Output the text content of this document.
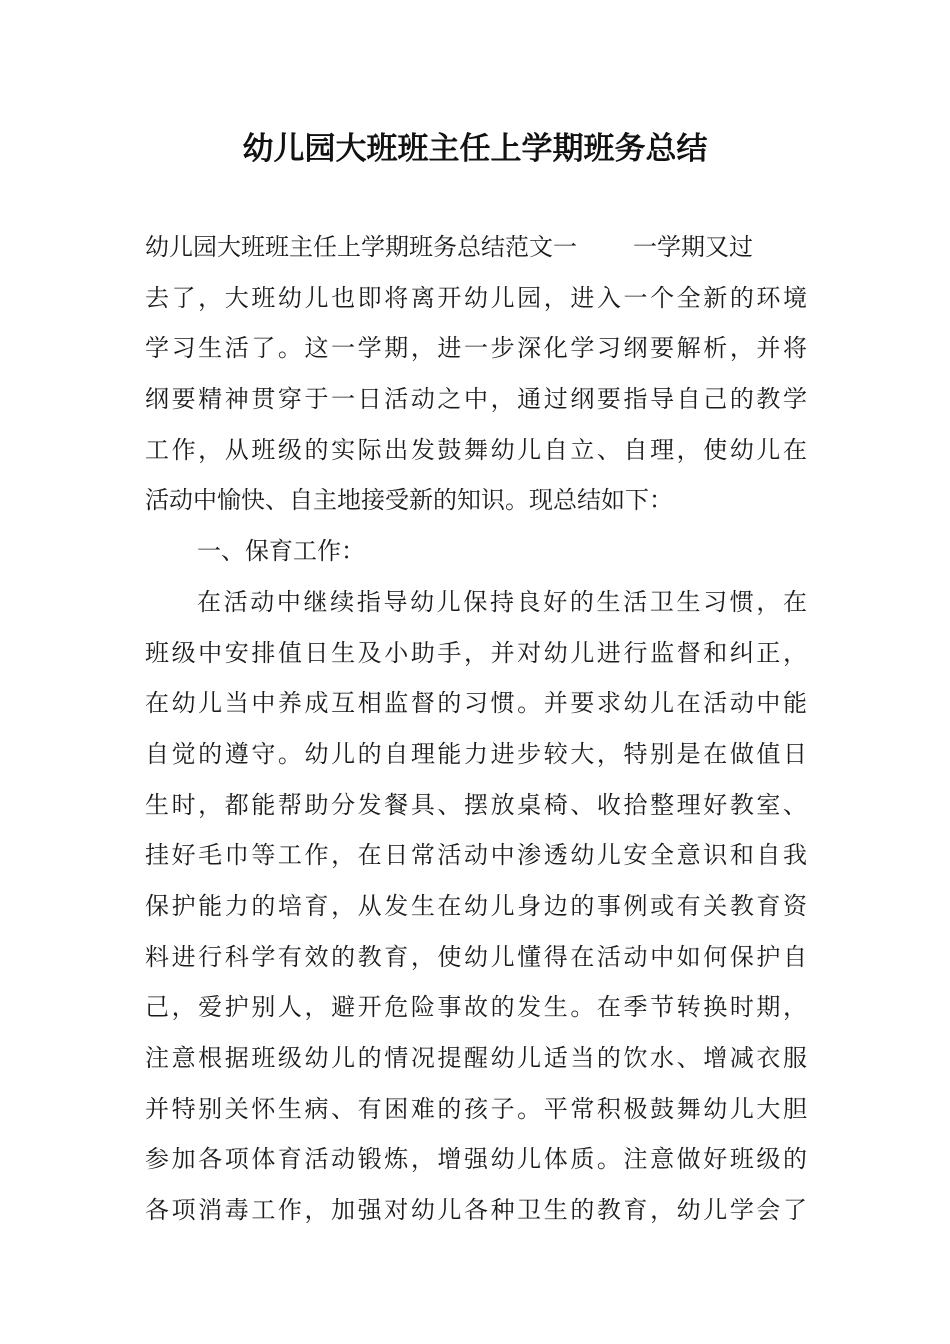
幼儿园大班班主任上学期班务总结
幼儿园大班班主任上学期班务总结范文一 一学期又过
去了，大班幼儿也即将离开幼儿园，进入一个全新的环境
学习生活了。这一学期，进一步深化学习纲要解析，并将
纲要精神贯穿于一日活动之中，通过纲要指导自己的教学
工作，从班级的实际出发鼓舞幼儿自立、自理，使幼儿在
活动中愉快、自主地接受新的知识。现总结如下：
一、保育工作：
在活动中继续指导幼儿保持良好的生活卫生习惯，在
班级中安排值日生及小助手，并对幼儿进行监督和纠正，
在幼儿当中养成互相监督的习惯。并要求幼儿在活动中能
自觉的遵守。幼儿的自理能力进步较大，特别是在做值日
生时，都能帮助分发餐具、摆放桌椅、收拾整理好教室、
挂好毛巾等工作，在日常活动中渗透幼儿安全意识和自我
保护能力的培育，从发生在幼儿身边的事例或有关教育资
料进行科学有效的教育，使幼儿懂得在活动中如何保护自
己，爱护别人，避开危险事故的发生。在季节转换时期，
注意根据班级幼儿的情况提醒幼儿适当的饮水、增减衣服
并特别关怀生病、有困难的孩子。平常积极鼓舞幼儿大胆
参加各项体育活动锻炼，增强幼儿体质。注意做好班级的
各项消毒工作，加强对幼儿各种卫生的教育，幼儿学会了
